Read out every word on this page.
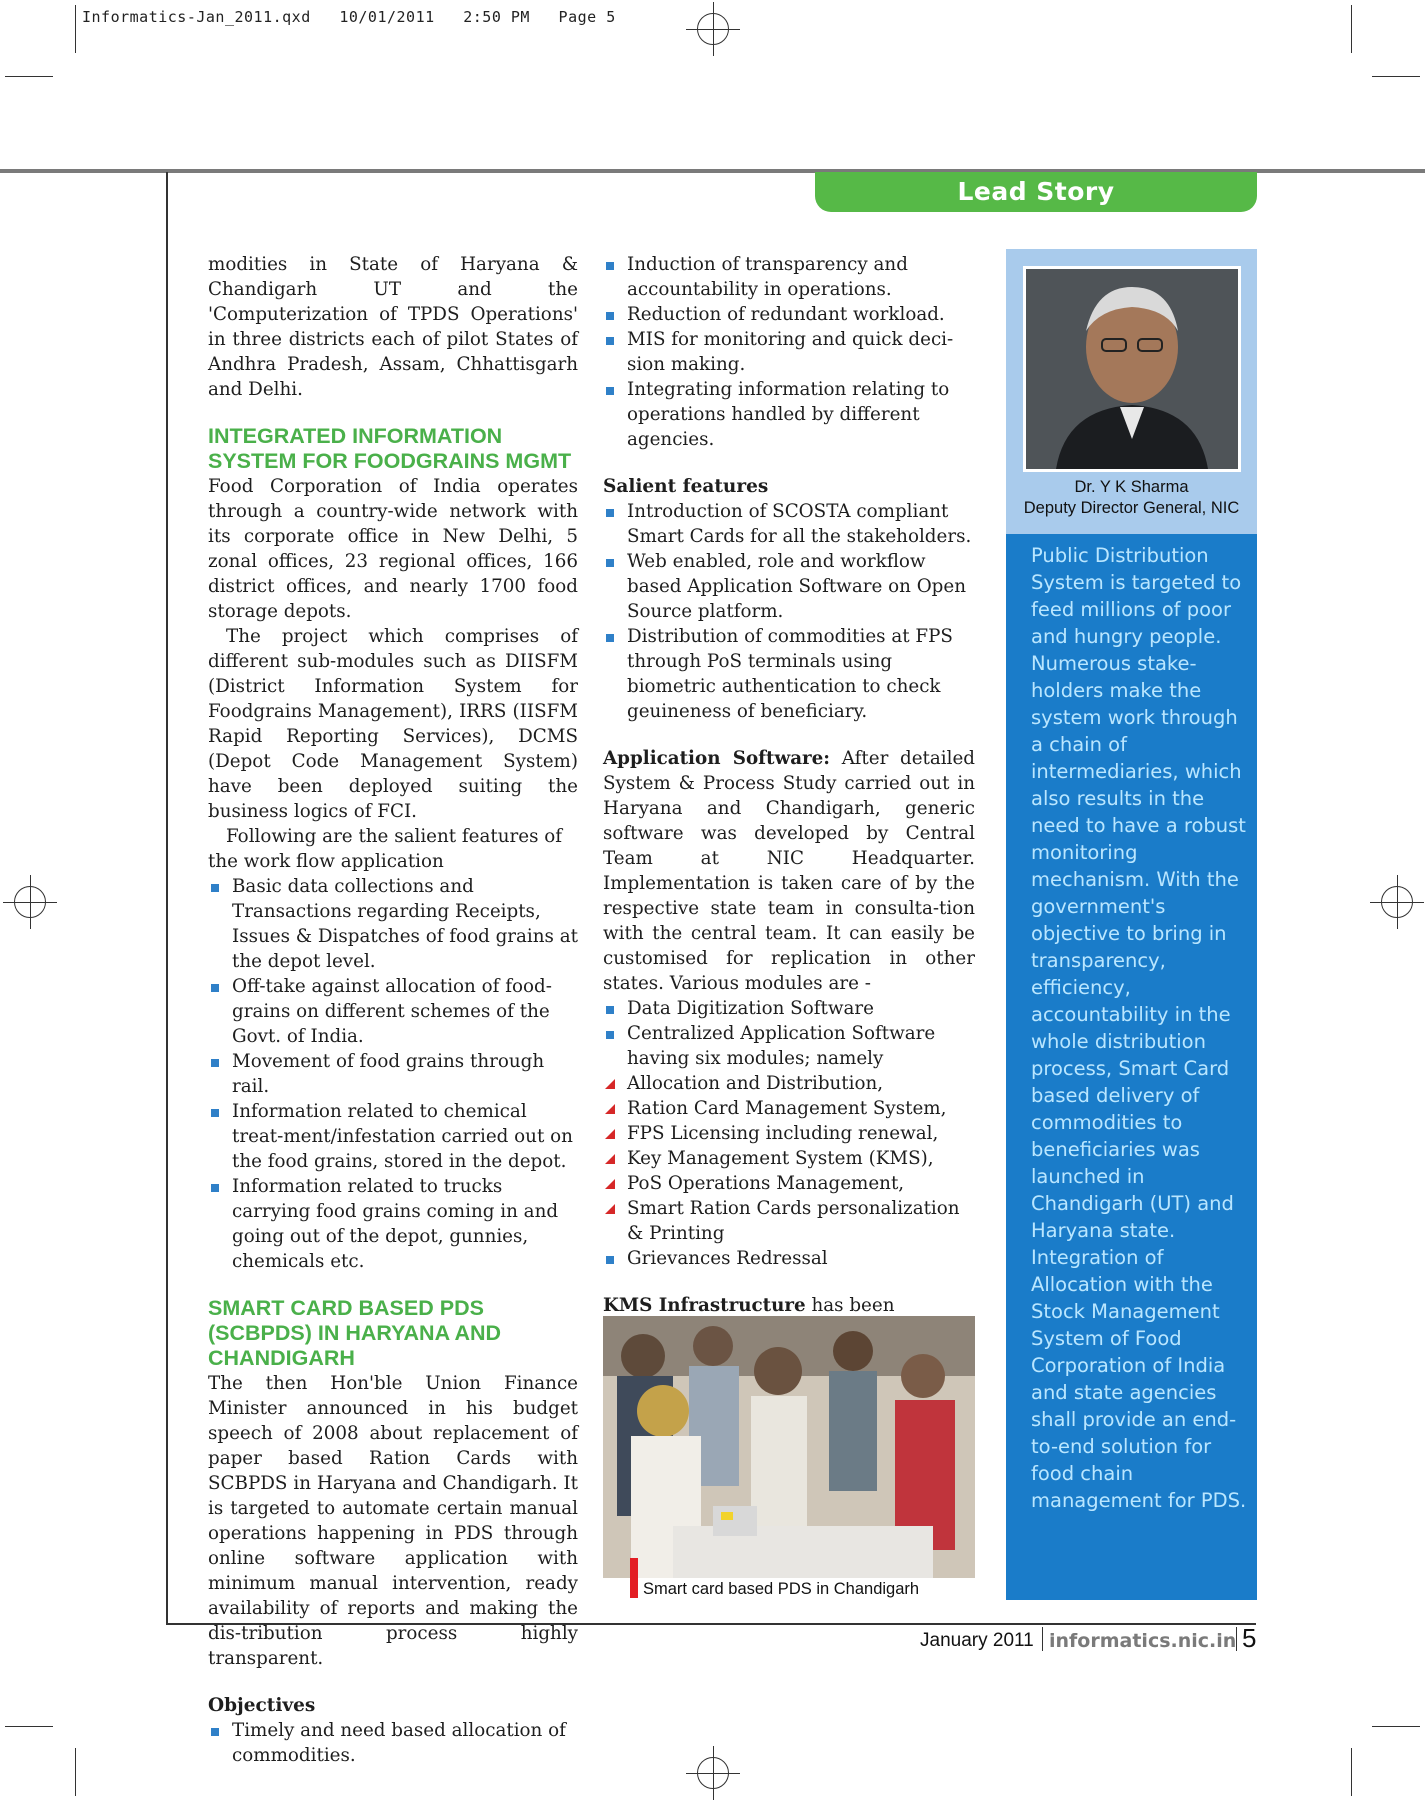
Informatics-Jan_2011.qxd   10/01/2011   2:50 PM   Page 5
Lead Story

modities in State of Haryana & Chandigarh UT and the 'Computerization of TPDS Operations' in three districts each of pilot States of Andhra Pradesh, Assam, Chhattisgarh and Delhi.

INTEGRATED INFORMATION SYSTEM FOR FOODGRAINS MGMT

Food Corporation of India operates through a country-wide network with its corporate office in New Delhi, 5 zonal offices, 23 regional offices, 166 district offices, and nearly 1700 food storage depots.

The project which comprises of different sub-modules such as DIISFM (District Information System for Foodgrains Management), IRRS (IISFM Rapid Reporting Services), DCMS (Depot Code Management System) have been deployed suiting the business logics of FCI.

Following are the salient features of the work flow application

Basic data collections and Transactions regarding Receipts, Issues & Dispatches of food grains at the depot level.
Off-take against allocation of food-grains on different schemes of the Govt. of India.
Movement of food grains through rail.
Information related to chemical treat-ment/infestation carried out on the food grains, stored in the depot.
Information related to trucks carrying food grains coming in and going out of the depot, gunnies, chemicals etc.
SMART CARD BASED PDS (SCBPDS) IN HARYANA AND CHANDIGARH

The then Hon'ble Union Finance Minister announced in his budget speech of 2008 about replacement of paper based Ration Cards with SCBPDS in Haryana and Chandigarh. It is targeted to automate certain manual operations happening in PDS through online software application with minimum manual intervention, ready availability of reports and making the dis-tribution process highly transparent.

Objectives
Timely and need based allocation of commodities.
Induction of transparency and accountability in operations.
Reduction of redundant workload.
MIS for monitoring and quick deci-sion making.
Integrating information relating to operations handled by different agencies.
Salient features
Introduction of SCOSTA compliant Smart Cards for all the stakeholders.
Web enabled, role and workflow based Application Software on Open Source platform.
Distribution of commodities at FPS through PoS terminals using biometric authentication to check geuineness of beneficiary.

Application Software: After detailed System & Process Study carried out in Haryana and Chandigarh, generic software was developed by Central Team at NIC Headquarter. Implementation is taken care of by the respective state team in consulta-tion with the central team. It can easily be customised for replication in other states. Various modules are -

Data Digitization Software
Centralized Application Software having six modules; namely
Allocation and Distribution,
Ration Card Management System,
FPS Licensing including renewal,
Key Management System (KMS),
PoS Operations Management,
Smart Ration Cards personalization & Printing
Grievances Redressal

KMS Infrastructure has been

Smart card based PDS in Chandigarh
Dr. Y K Sharma
Deputy Director General, NIC

Public Distribution System is targeted to feed millions of poor and hungry people. Numerous stake-holders make the system work through a chain of intermediaries, which also results in the need to have a robust monitoring mechanism. With the government's objective to bring in transparency, efficiency, accountability in the whole distribution process, Smart Card based delivery of commodities to beneficiaries was launched in Chandigarh (UT) and Haryana state. Integration of Allocation with the Stock Management System of Food Corporation of India and state agencies shall provide an end-to-end solution for food chain management for PDS.

January 2011 informatics.nic.in 5
